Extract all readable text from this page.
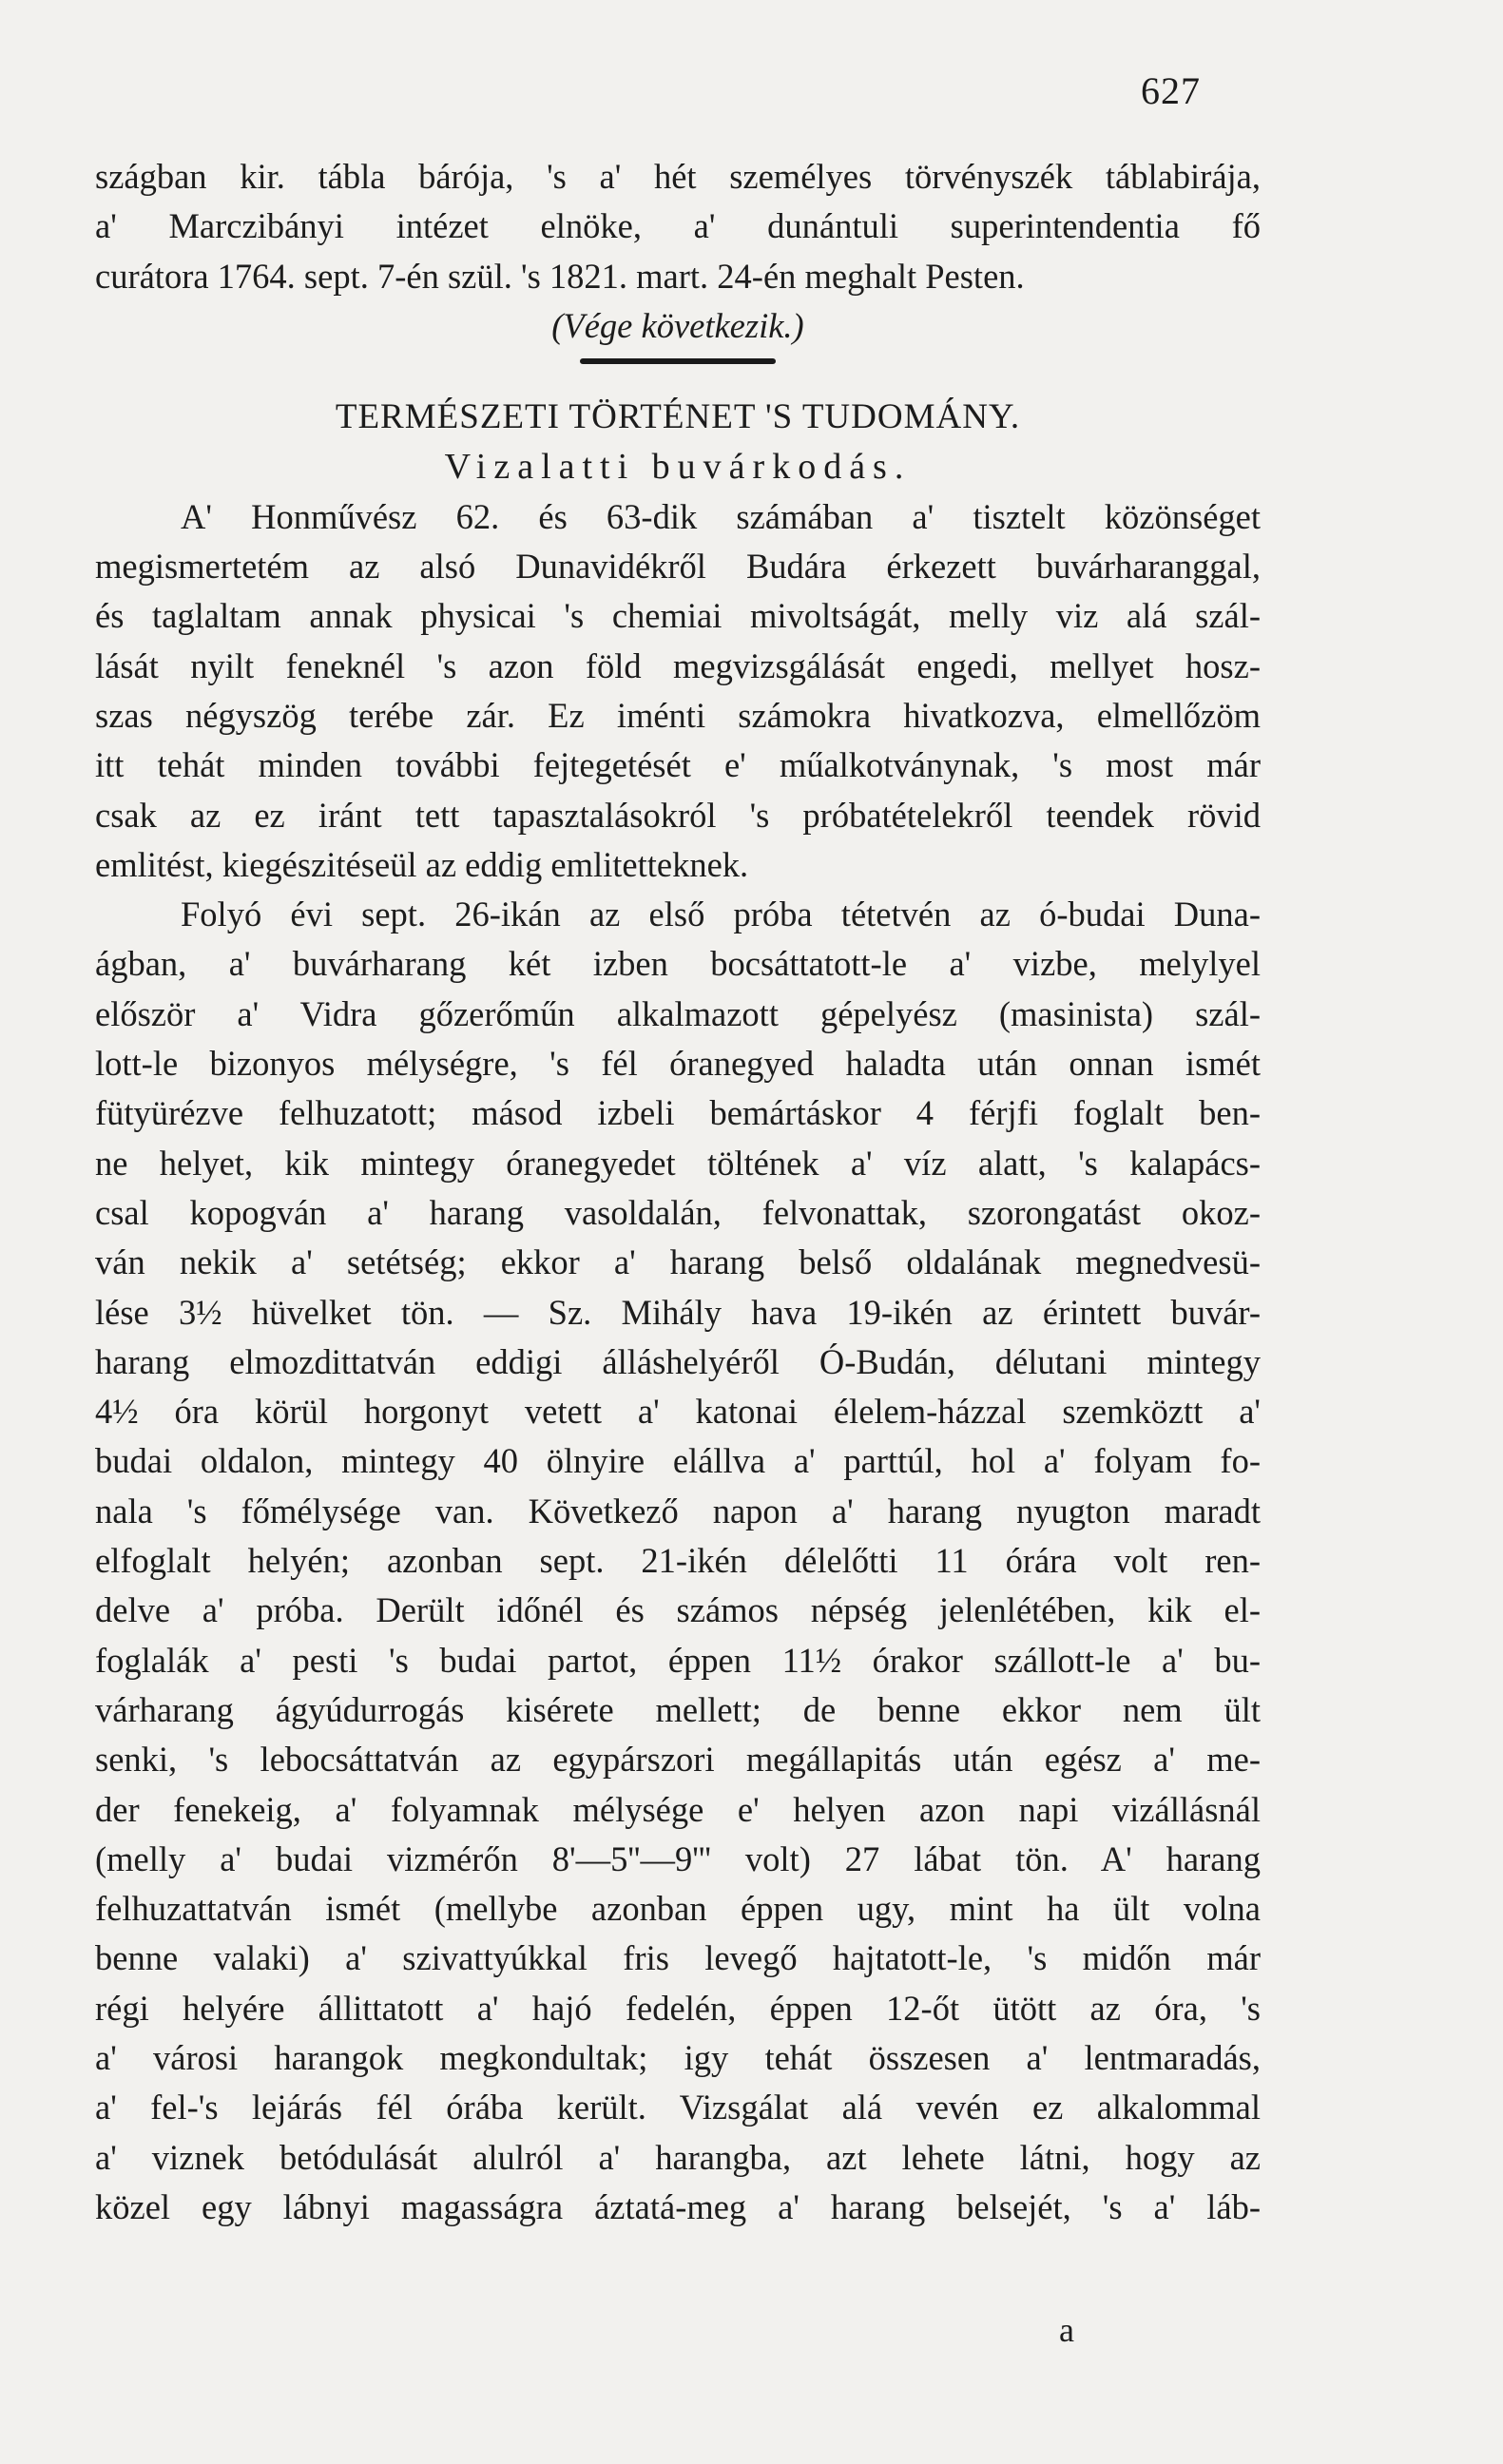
627
szágban kir. tábla bárója, 's a' hét személyes törvényszék táblabirája,
a' Marczibányi intézet elnöke, a' dunántuli superintendentia fő
curátora 1764. sept. 7-én szül. 's 1821. mart. 24-én meghalt Pesten.
(Vége következik.)
TERMÉSZETI TÖRTÉNET 'S TUDOMÁNY.
Vizalatti buvárkodás.
A' Honművész 62. és 63-dik számában a' tisztelt közönséget
megismertetém az alsó Dunavidékről Budára érkezett buvárharanggal,
és taglaltam annak physicai 's chemiai mivoltságát, melly viz alá szál-
lását nyilt feneknél 's azon föld megvizsgálását engedi, mellyet hosz-
szas négyszög terébe zár. Ez iménti számokra hivatkozva, elmellőzöm
itt tehát minden további fejtegetését e' műalkotványnak, 's most már
csak az ez iránt tett tapasztalásokról 's próbatételekről teendek rövid
emlitést, kiegészitéseül az eddig emlitetteknek.
Folyó évi sept. 26-ikán az első próba tétetvén az ó-budai Duna-
ágban, a' buvárharang két izben bocsáttatott-le a' vizbe, melylyel
először a' Vidra gőzerőműn alkalmazott gépelyész (masinista) szál-
lott-le bizonyos mélységre, 's fél óranegyed haladta után onnan ismét
fütyürézve felhuzatott; másod izbeli bemártáskor 4 férjfi foglalt ben-
ne helyet, kik mintegy óranegyedet töltének a' víz alatt, 's kalapács-
csal kopogván a' harang vasoldalán, felvonattak, szorongatást okoz-
ván nekik a' setétség; ekkor a' harang belső oldalának megnedvesü-
lése 3½ hüvelket tön. — Sz. Mihály hava 19-ikén az érintett buvár-
harang elmozdittatván eddigi álláshelyéről Ó-Budán, délutani mintegy
4½ óra körül horgonyt vetett a' katonai élelem-házzal szemköztt a'
budai oldalon, mintegy 40 ölnyire elállva a' parttúl, hol a' folyam fo-
nala 's főmélysége van. Következő napon a' harang nyugton maradt
elfoglalt helyén; azonban sept. 21-ikén délelőtti 11 órára volt ren-
delve a' próba. Derült időnél és számos népség jelenlétében, kik el-
foglalák a' pesti 's budai partot, éppen 11½ órakor szállott-le a' bu-
várharang ágyúdurrogás kisérete mellett; de benne ekkor nem ült
senki, 's lebocsáttatván az egypárszori megállapitás után egész a' me-
der fenekeig, a' folyamnak mélysége e' helyen azon napi vizállásnál
(melly a' budai vizmérőn 8'—5''—9''' volt) 27 lábat tön. A' harang
felhuzattatván ismét (mellybe azonban éppen ugy, mint ha ült volna
benne valaki) a' szivattyúkkal fris levegő hajtatott-le, 's midőn már
régi helyére állittatott a' hajó fedelén, éppen 12-őt ütött az óra, 's
a' városi harangok megkondultak; igy tehát összesen a' lentmaradás,
a' fel-'s lejárás fél órába került. Vizsgálat alá vevén ez alkalommal
a' viznek betódulását alulról a' harangba, azt lehete látni, hogy az
közel egy lábnyi magasságra áztatá-meg a' harang belsejét, 's a' láb-
a
